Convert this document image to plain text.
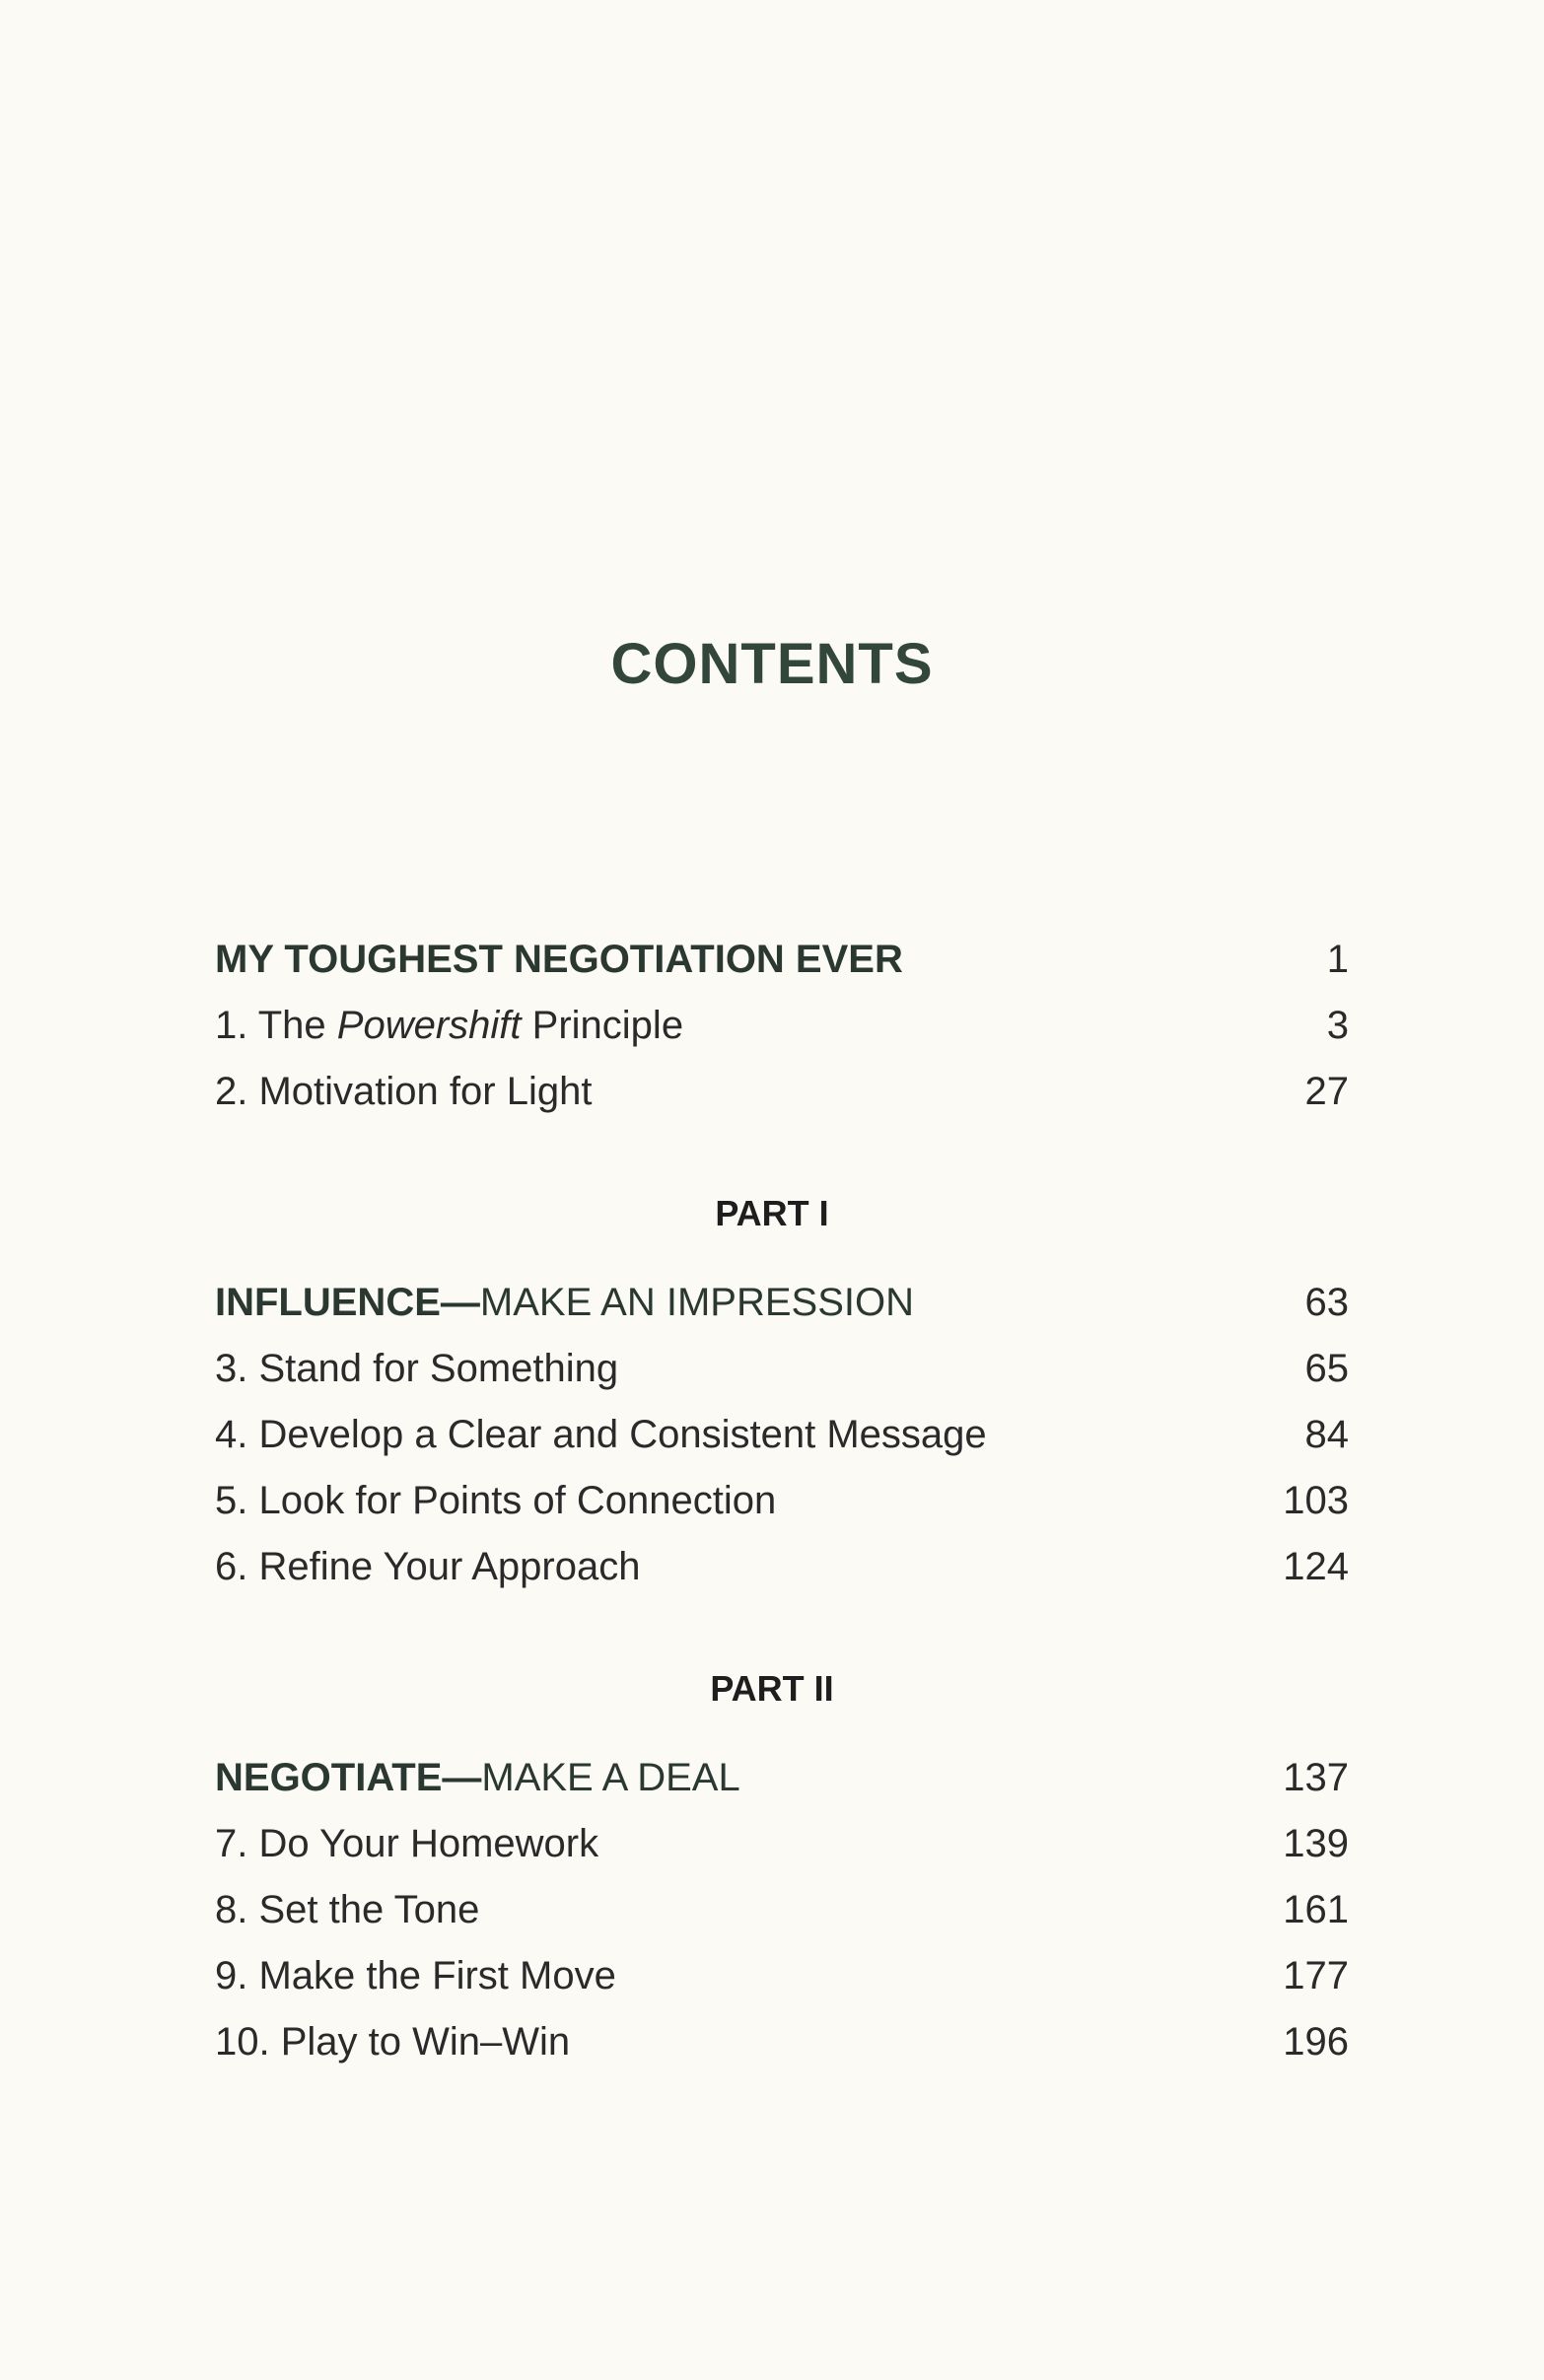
CONTENTS
MY TOUGHEST NEGOTIATION EVER	1
1. The Powershift Principle	3
2. Motivation for Light	27
PART I
INFLUENCE—MAKE AN IMPRESSION	63
3. Stand for Something	65
4. Develop a Clear and Consistent Message	84
5. Look for Points of Connection	103
6. Refine Your Approach	124
PART II
NEGOTIATE—MAKE A DEAL	137
7. Do Your Homework	139
8. Set the Tone	161
9. Make the First Move	177
10. Play to Win–Win	196
